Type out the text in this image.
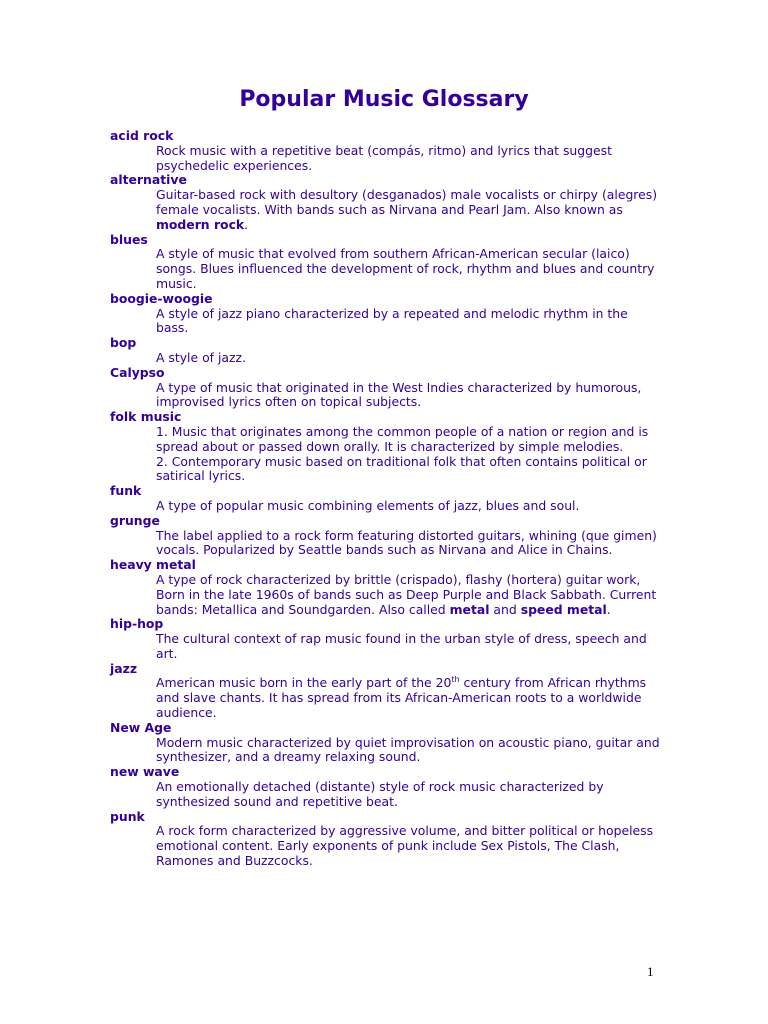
Popular Music Glossary
acid rock
Rock music with a repetitive beat (compás, ritmo) and lyrics that suggest psychedelic experiences.
alternative
Guitar-based rock with desultory (desganados) male vocalists or chirpy (alegres) female vocalists. With bands such as Nirvana and Pearl Jam. Also known as modern rock.
blues
A style of music that evolved from southern African-American secular (laico) songs. Blues influenced the development of rock, rhythm and blues and country music.
boogie-woogie
A style of jazz piano characterized by a repeated and melodic rhythm in the bass.
bop
A style of jazz.
Calypso
A type of music that originated in the West Indies characterized by humorous, improvised lyrics often on topical subjects.
folk music
1. Music that originates among the common people of a nation or region and is spread about or passed down orally. It is characterized by simple melodies.
2. Contemporary music based on traditional folk that often contains political or satirical lyrics.
funk
A type of popular music combining elements of jazz, blues and soul.
grunge
The label applied to a rock form featuring distorted guitars, whining (que gimen) vocals. Popularized by Seattle bands such as Nirvana and Alice in Chains.
heavy metal
A type of rock characterized by brittle (crispado), flashy (hortera) guitar work, Born in the late 1960s of bands such as Deep Purple and Black Sabbath. Current bands: Metallica and Soundgarden. Also called metal and speed metal.
hip-hop
The cultural context of rap music found in the urban style of dress, speech and art.
jazz
American music born in the early part of the 20th century from African rhythms and slave chants. It has spread from its African-American roots to a worldwide audience.
New Age
Modern music characterized by quiet improvisation on acoustic piano, guitar and synthesizer, and a dreamy relaxing sound.
new wave
An emotionally detached (distante) style of rock music characterized by synthesized sound and repetitive beat.
punk
A rock form characterized by aggressive volume, and bitter political or hopeless emotional content. Early exponents of punk include Sex Pistols, The Clash, Ramones and Buzzcocks.
1
